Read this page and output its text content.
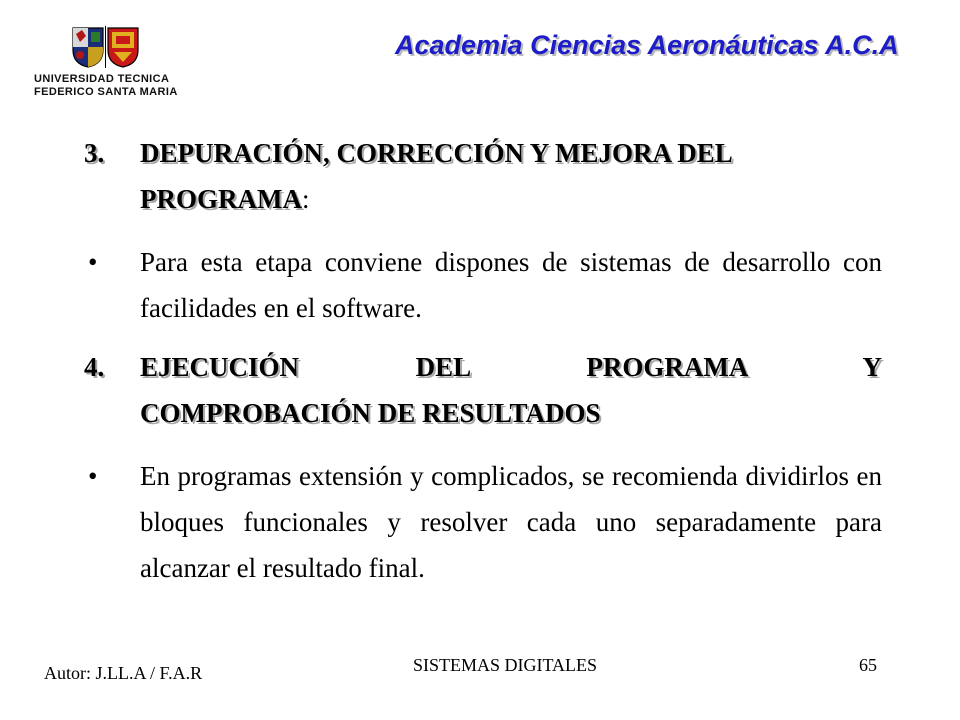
UNIVERSIDAD TECNICA
FEDERICO SANTA MARIA
Academia Ciencias Aeronáuticas A.C.A
3. DEPURACIÓN, CORRECCIÓN Y MEJORA DEL
PROGRAMA:
• Para esta etapa conviene dispones de sistemas de desarrollo con facilidades en el software.
4. EJECUCIÓN DEL PROGRAMA Y
COMPROBACIÓN DE RESULTADOS
• En programas extensión y complicados, se recomienda dividirlos en bloques funcionales y resolver cada uno separadamente para alcanzar el resultado final.
Autor: J.LL.A / F.A.R	SISTEMAS DIGITALES	65
